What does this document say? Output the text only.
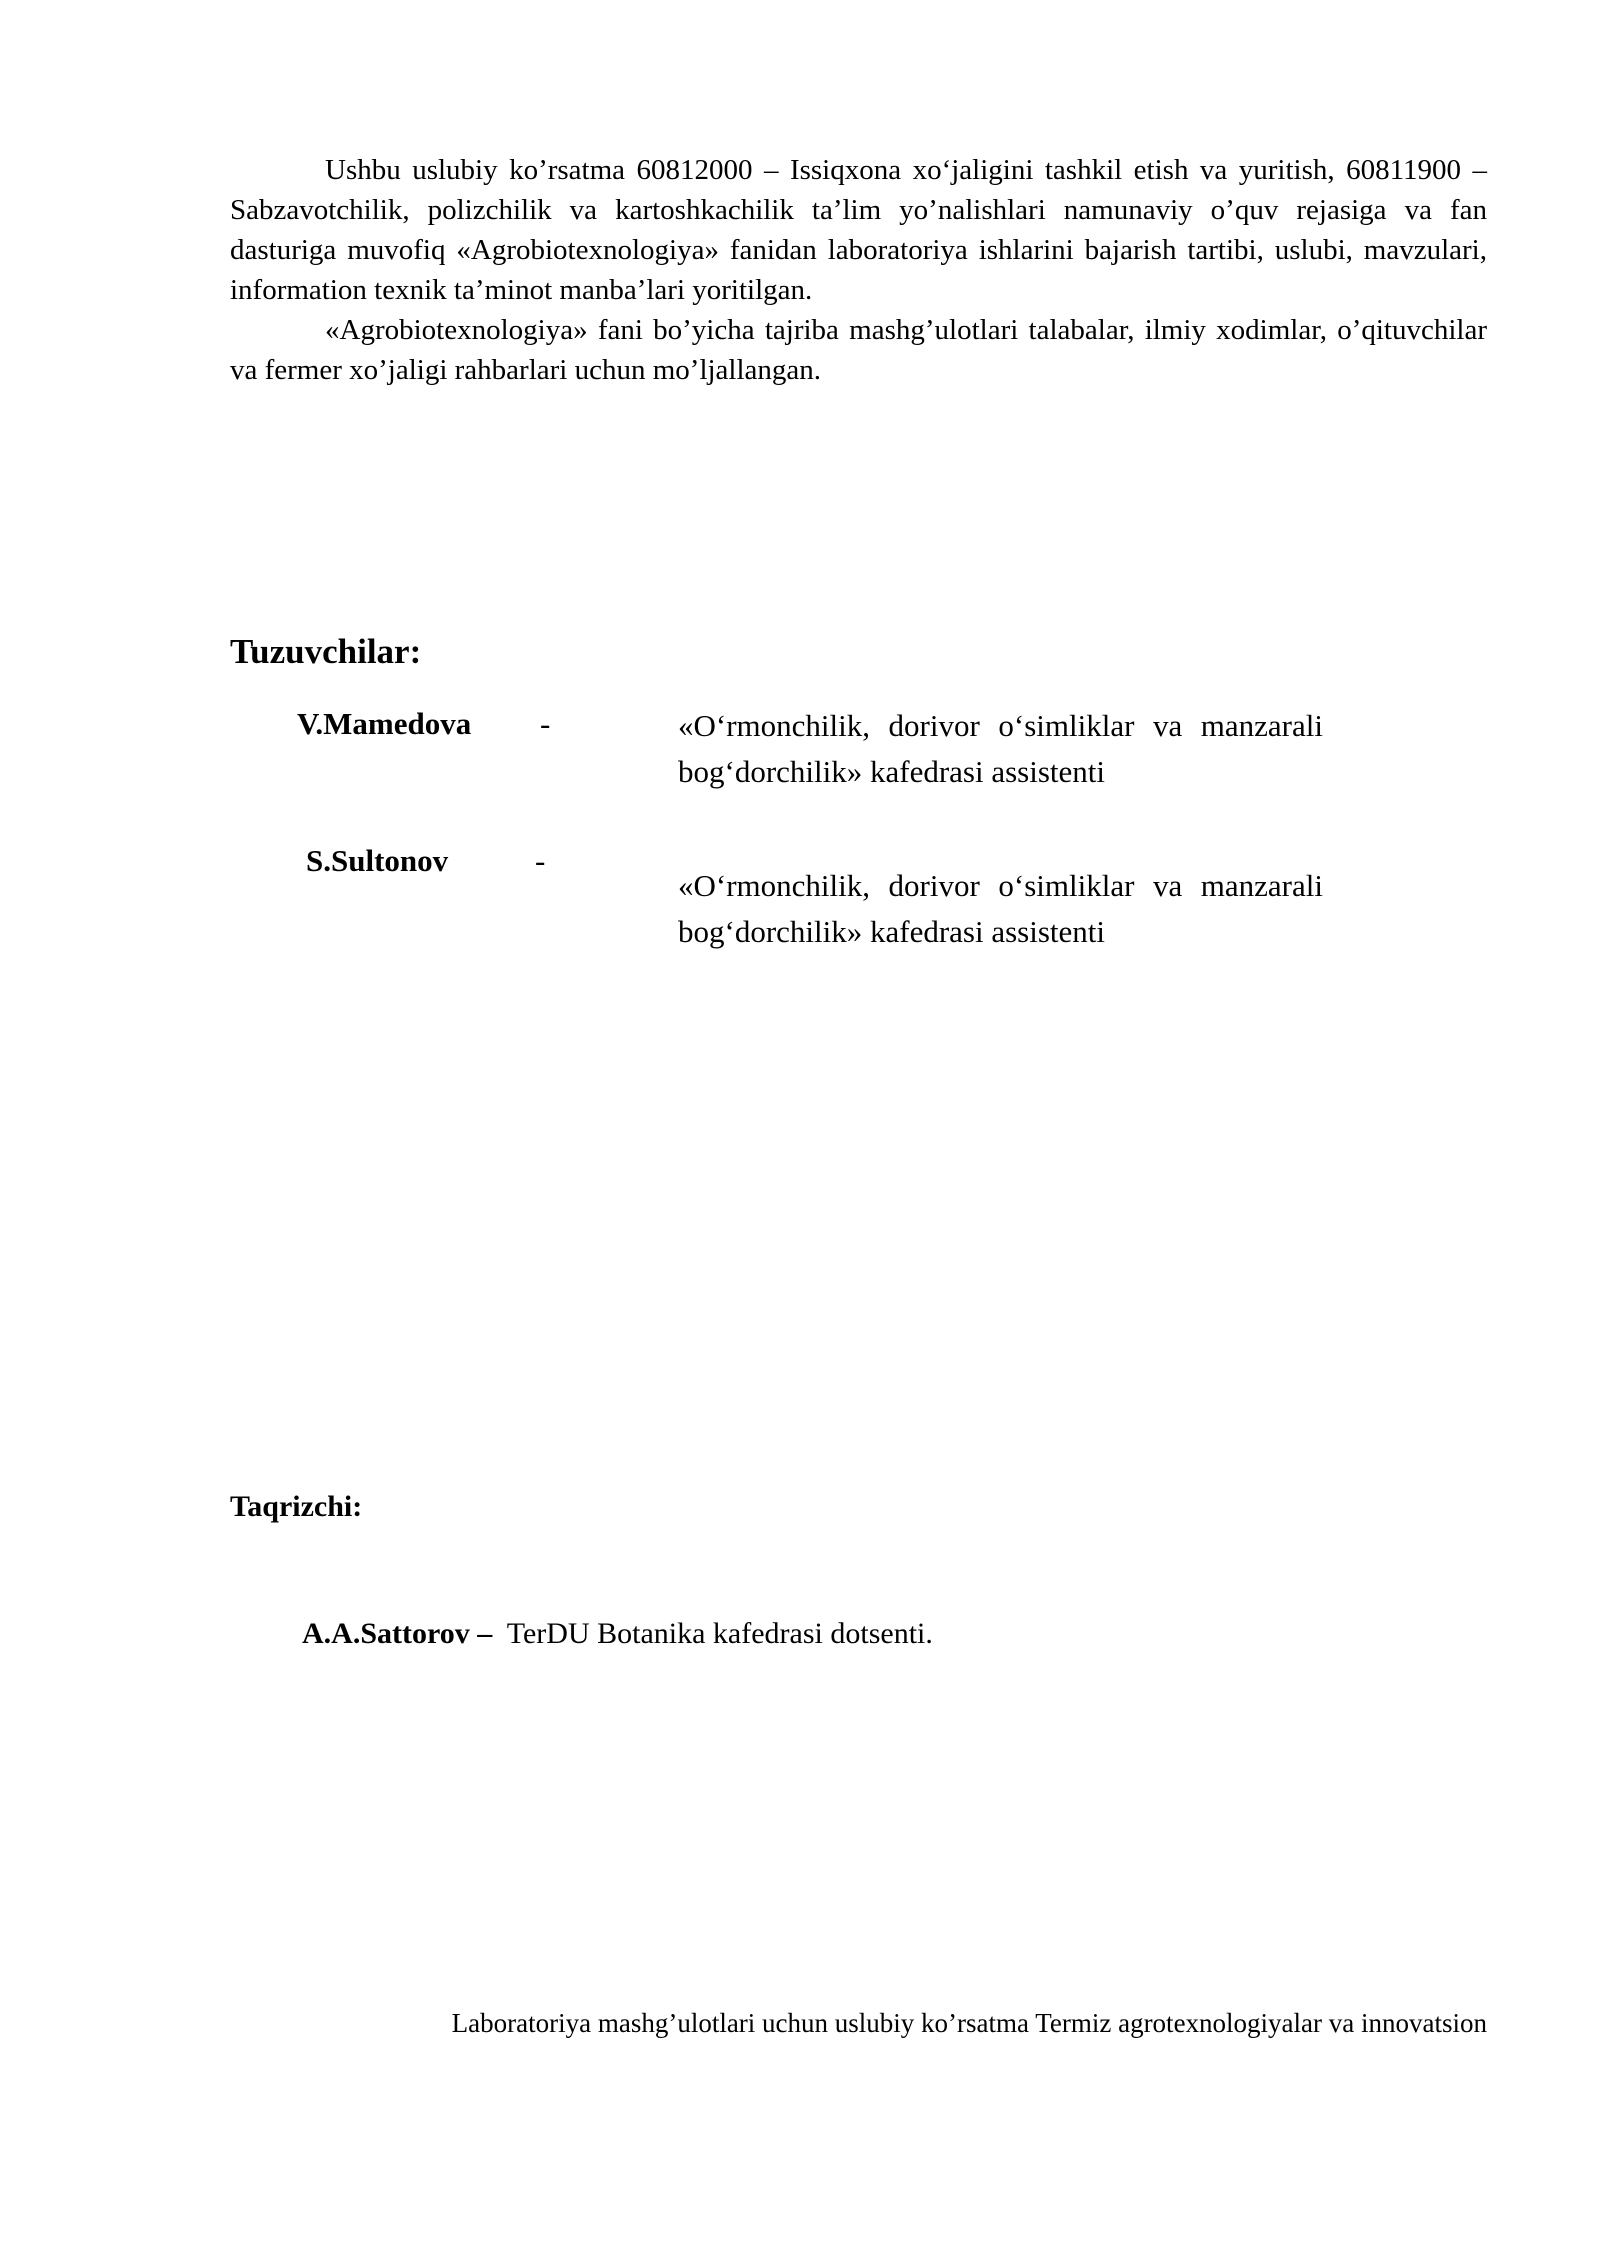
Ushbu uslubiy ko’rsatma 60812000 – Issiqxona xo‘jaligini tashkil etish va yuritish, 60811900 – Sabzavotchilik, polizchilik va kartoshkachilik ta’lim yo’nalishlari namunaviy o’quv rejasiga va fan dasturiga muvofiq «Agrobiotexnologiya» fanidan laboratoriya ishlarini bajarish tartibi, uslubi, mavzulari, information texnik ta’minot manba’lari yoritilgan.

«Agrobiotexnologiya» fani bo’yicha tajriba mashg’ulotlari talabalar, ilmiy xodimlar, o’qituvchilar va fermer xo’jaligi rahbarlari uchun mo’ljallangan.

Tuzuvchilar:
V.Mamedova -	«O‘rmonchilik, dorivor o‘simliklar va manzarali bog‘dorchilik» kafedrasi assistenti
S.Sultonov	-
«O‘rmonchilik, dorivor o‘simliklar va manzarali bog‘dorchilik» kafedrasi assistenti
Taqrizchi:
A.A.Sattorov – TerDU Botanika kafedrasi dotsenti.
Laboratoriya mashg’ulotlari uchun uslubiy ko’rsatma Termiz agrotexnologiyalar va innovatsion
